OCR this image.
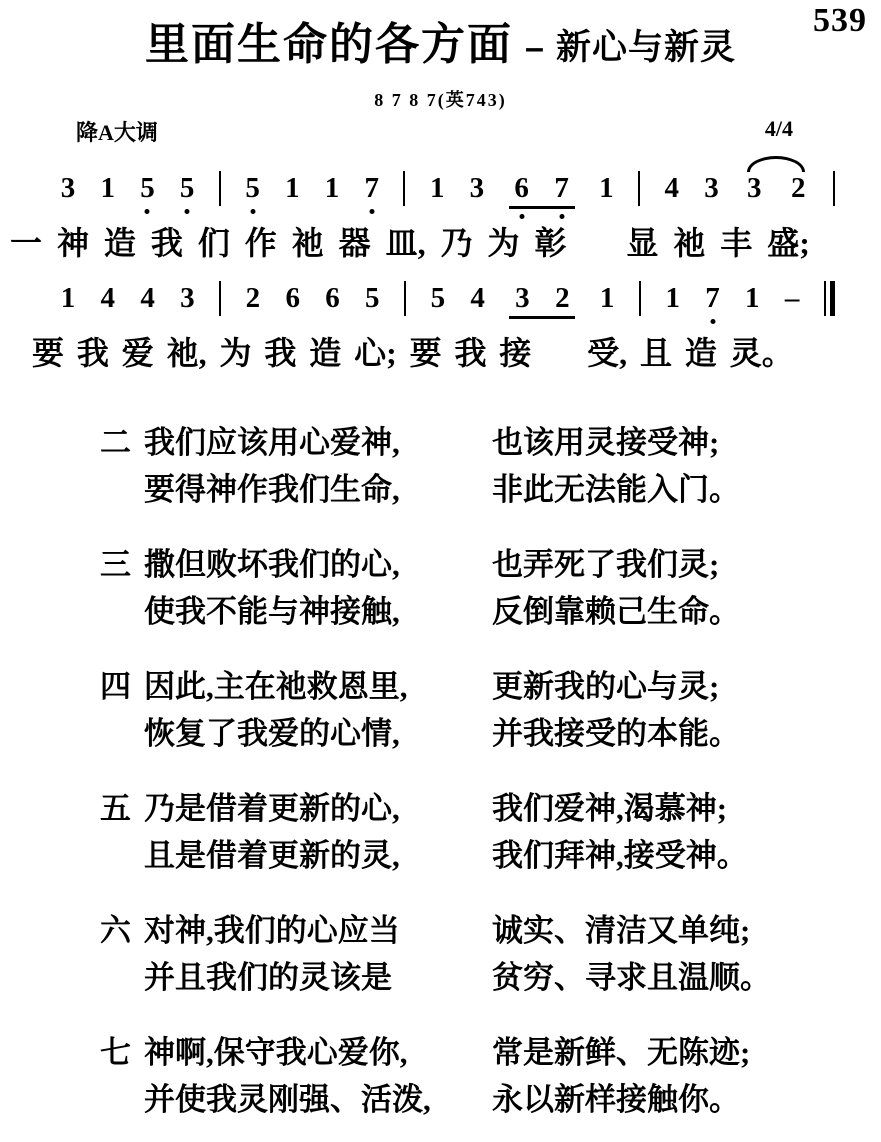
539
里面生命的各方面 – 新心与新灵
8 7 8 7(英743)
降A大调	4/4
3 1 5 5 5 1 1 7 1 3 6 7 1 4 3 3 2
一 神 造 我 们 作 祂 器 皿, 乃 为 彰 显 祂 丰 盛;
1 4 4 3 2 6 6 5 5 4 3 2 1 1 7 1 –
要 我 爱 祂, 为 我 造 心; 要 我 接 受, 且 造 灵。
二 我们应该用心爱神,	也该用灵接受神;
要得神作我们生命,	非此无法能入门。
三 撒但败坏我们的心,	也弄死了我们灵;
使我不能与神接触,	反倒靠赖己生命。
四 因此,主在祂救恩里,	更新我的心与灵;
恢复了我爱的心情,	并我接受的本能。
五 乃是借着更新的心,	我们爱神,渴慕神;
且是借着更新的灵,	我们拜神,接受神。
六 对神,我们的心应当	诚实、清洁又单纯;
并且我们的灵该是	贫穷、寻求且温顺。
七 神啊,保守我心爱你,	常是新鲜、无陈迹;
并使我灵刚强、活泼,	永以新样接触你。
